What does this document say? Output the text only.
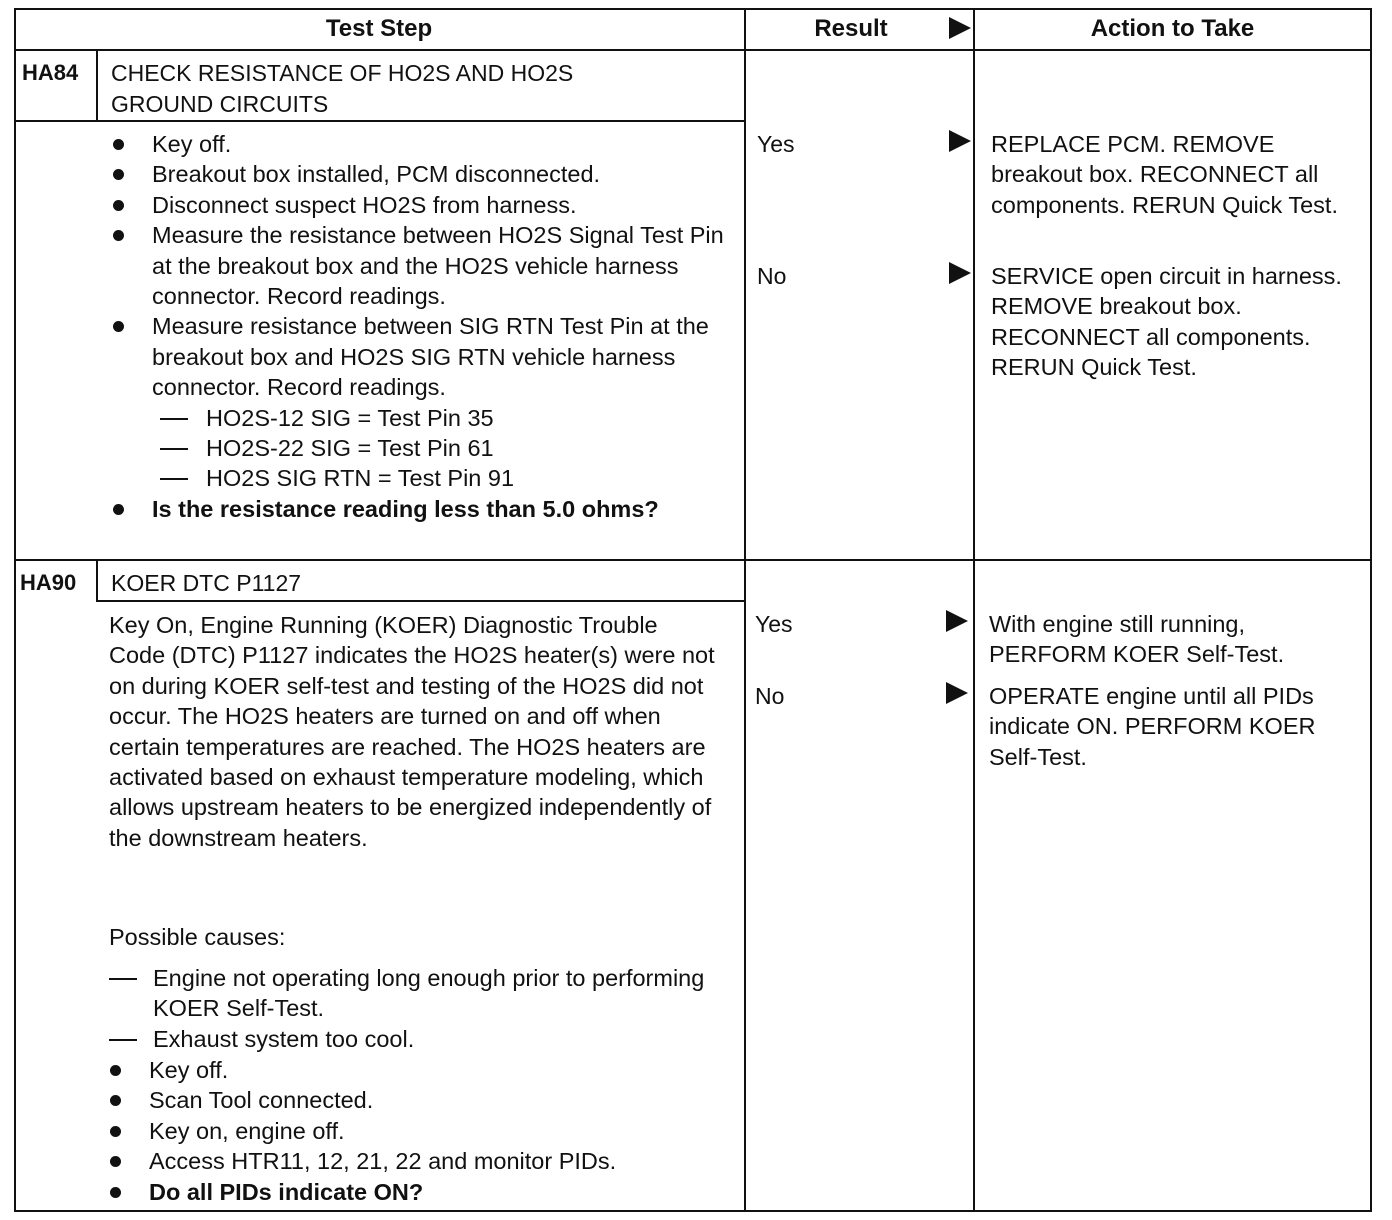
Test Step	Result	Action to Take
HA84 CHECK RESISTANCE OF HO2S AND HO2S GROUND CIRCUITS
Key off.
Breakout box installed, PCM disconnected.
Disconnect suspect HO2S from harness.
Measure the resistance between HO2S Signal Test Pin at the breakout box and the HO2S vehicle harness connector. Record readings.
Measure resistance between SIG RTN Test Pin at the breakout box and HO2S SIG RTN vehicle harness connector. Record readings.
HO2S-12 SIG = Test Pin 35
HO2S-22 SIG = Test Pin 61
HO2S SIG RTN = Test Pin 91
Is the resistance reading less than 5.0 ohms?
Yes	REPLACE PCM. REMOVE breakout box. RECONNECT all components. RERUN Quick Test.
No	SERVICE open circuit in harness. REMOVE breakout box. RECONNECT all components. RERUN Quick Test.
HA90 KOER DTC P1127

Key On, Engine Running (KOER) Diagnostic Trouble Code (DTC) P1127 indicates the HO2S heater(s) were not on during KOER self-test and testing of the HO2S did not occur. The HO2S heaters are turned on and off when certain temperatures are reached. The HO2S heaters are activated based on exhaust temperature modeling, which allows upstream heaters to be energized independently of the downstream heaters.

Possible causes:

Engine not operating long enough prior to performing KOER Self-Test.
Exhaust system too cool.
Key off.
Scan Tool connected.
Key on, engine off.
Access HTR11, 12, 21, 22 and monitor PIDs.
Do all PIDs indicate ON?
Yes	With engine still running, PERFORM KOER Self-Test.
No	OPERATE engine until all PIDs indicate ON. PERFORM KOER Self-Test.
